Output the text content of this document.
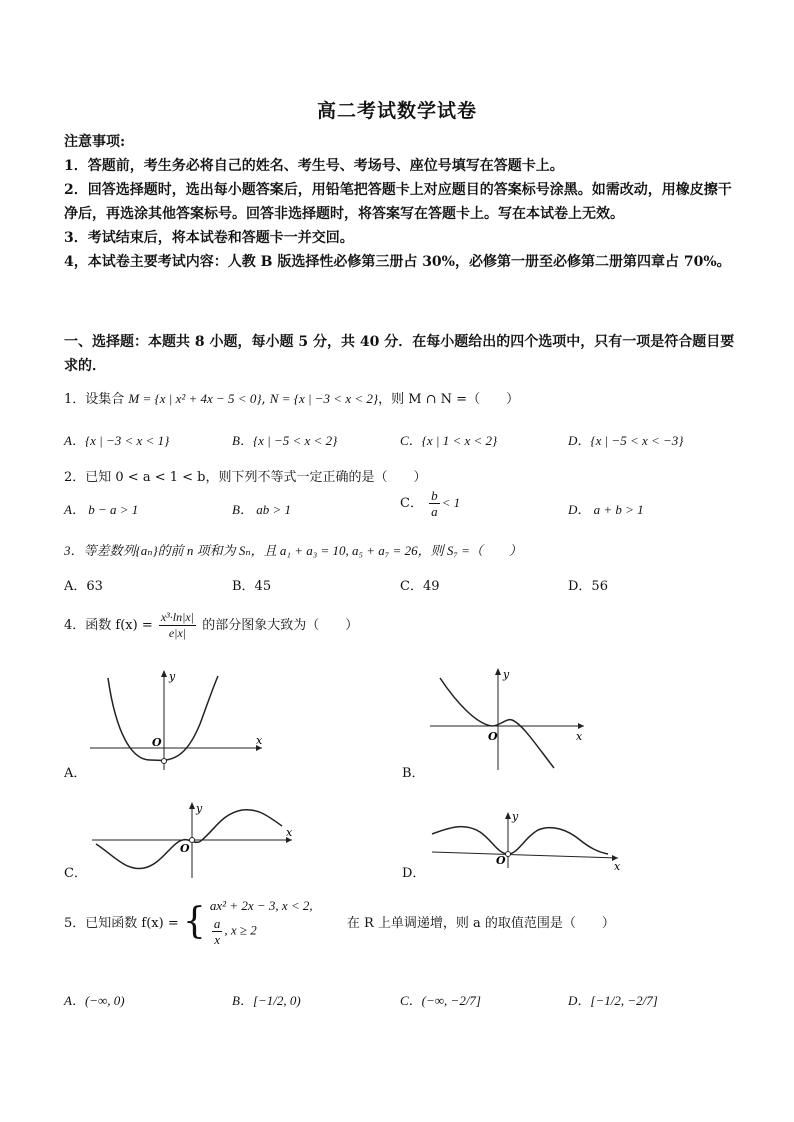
高二考试数学试卷

注意事项:

1．答题前，考生务必将自己的姓名、考生号、考场号、座位号填写在答题卡上。

2．回答选择题时，选出每小题答案后，用铅笔把答题卡上对应题目的答案标号涂黑。如需改动，用橡皮擦干净后，再选涂其他答案标号。回答非选择题时，将答案写在答题卡上。写在本试卷上无效。

3．考试结束后，将本试卷和答题卡一并交回。

4，本试卷主要考试内容：人教 B 版选择性必修第三册占 30%，必修第一册至必修第二册第四章占 70%。

一、选择题：本题共 8 小题，每小题 5 分，共 40 分．在每小题给出的四个选项中，只有一项是符合题目要求的．

1．设集合 M = {x | x² + 4x − 5 < 0}, N = {x | −3 < x < 2}，则 M ∩ N =（　　）
A．{x | −3 < x < 1}	B．{x | −5 < x < 2}	C．{x | 1 < x < 2}	D．{x | −5 < x < −3}
2．已知 0 < a < 1 < b，则下列不等式一定正确的是（　　）
A． b − a > 1	B． ab > 1	C． $\frac{b}{a} < 1$	D． a + b > 1
3．等差数列{aₙ}的前 n 项和为 Sₙ，且 a₁ + a₃ = 10, a₅ + a₇ = 26，则 S₇ =（　　）
A．63	B．45	C．49	D．56
4．函数 $f(x) = \frac{\text{x³·ln|x|}}{e|x|}$ 的部分图象大致为（　　）
y
x
O
A．
y
x
O
B．
y
x
O
C．
y
x
O
D．
5．已知函数 f(x) = { ax² + 2x − 3, x < 2,
$\frac{a}{x}$ , x ≥ 2	在 R 上单调递增，则 a 的取值范围是（　　）
A．(−∞, 0)	B．[−1/2, 0)	C．(−∞, −2/7]	D．[−1/2, −2/7]
